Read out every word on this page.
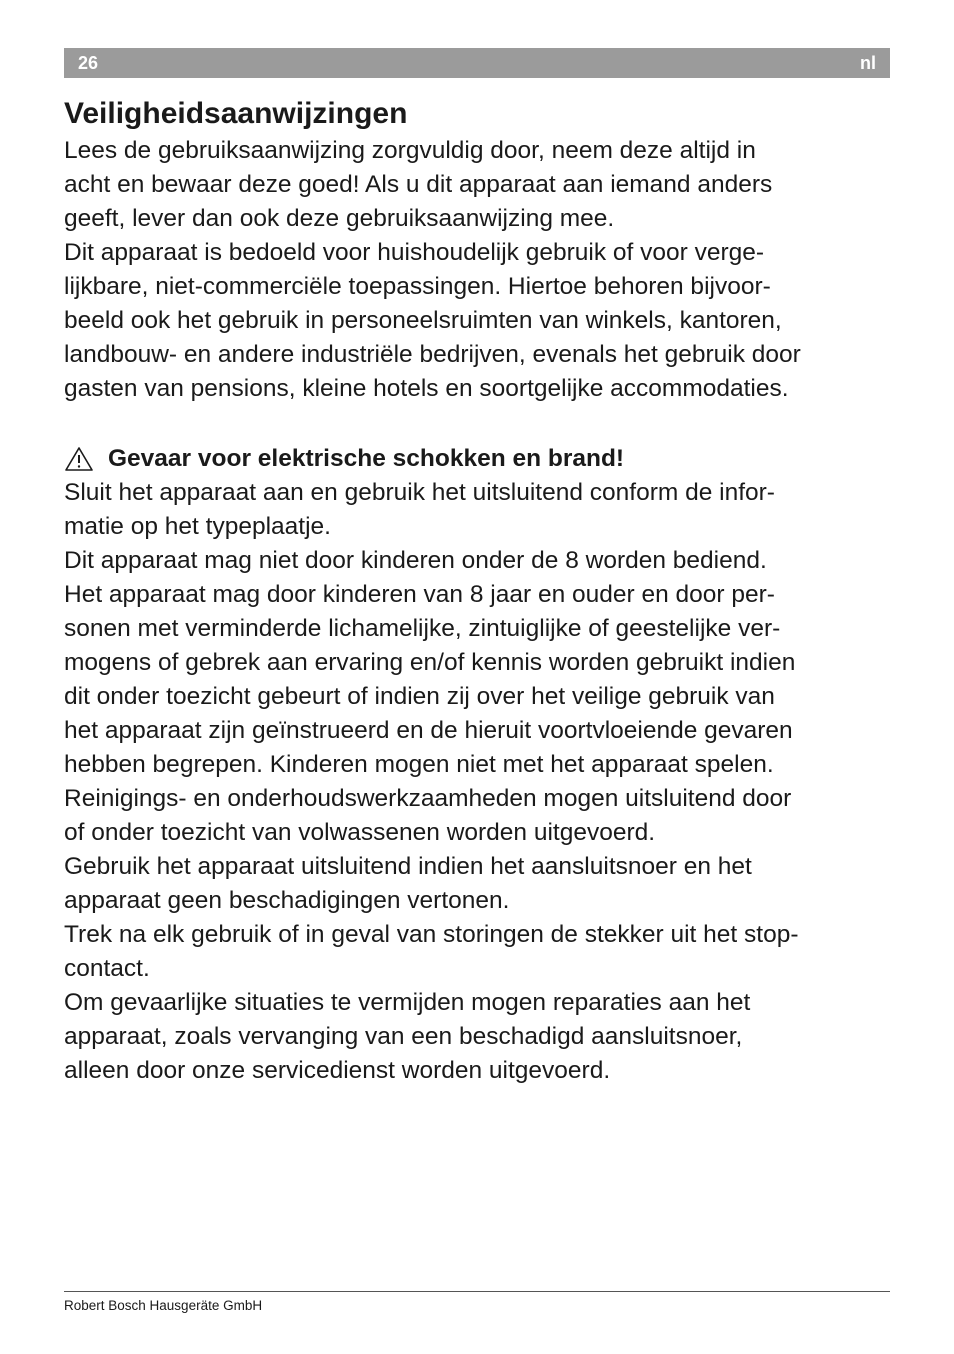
26	nl
Veiligheidsaanwijzingen

Lees de gebruiksaanwijzing zorgvuldig door, neem deze altijd in
acht en bewaar deze goed! Als u dit apparaat aan iemand anders
geeft, lever dan ook deze gebruiksaanwijzing mee.

Dit apparaat is bedoeld voor huishoudelijk gebruik of voor verge-
lijkbare, niet-commerciële toepassingen. Hiertoe behoren bijvoor-
beeld ook het gebruik in personeelsruimten van winkels, kantoren,
landbouw- en andere industriële bedrijven, evenals het gebruik door
gasten van pensions, kleine hotels en soortgelijke accommodaties.

Gevaar voor elektrische schokken en brand!

Sluit het apparaat aan en gebruik het uitsluitend conform de infor-
matie op het typeplaatje.

Dit apparaat mag niet door kinderen onder de 8 worden bediend.
Het apparaat mag door kinderen van 8 jaar en ouder en door per-
sonen met verminderde lichamelijke, zintuiglijke of geestelijke ver-
mogens of gebrek aan ervaring en/of kennis worden gebruikt indien
dit onder toezicht gebeurt of indien zij over het veilige gebruik van
het apparaat zijn geïnstrueerd en de hieruit voortvloeiende gevaren
hebben begrepen. Kinderen mogen niet met het apparaat spelen.

Reinigings- en onderhoudswerkzaamheden mogen uitsluitend door
of onder toezicht van volwassenen worden uitgevoerd.

Gebruik het apparaat uitsluitend indien het aansluitsnoer en het
apparaat geen beschadigingen vertonen.

Trek na elk gebruik of in geval van storingen de stekker uit het stop-
contact.

Om gevaarlijke situaties te vermijden mogen reparaties aan het
apparaat, zoals vervanging van een beschadigd aansluitsnoer,
alleen door onze servicedienst worden uitgevoerd.

Robert Bosch Hausgeräte GmbH
